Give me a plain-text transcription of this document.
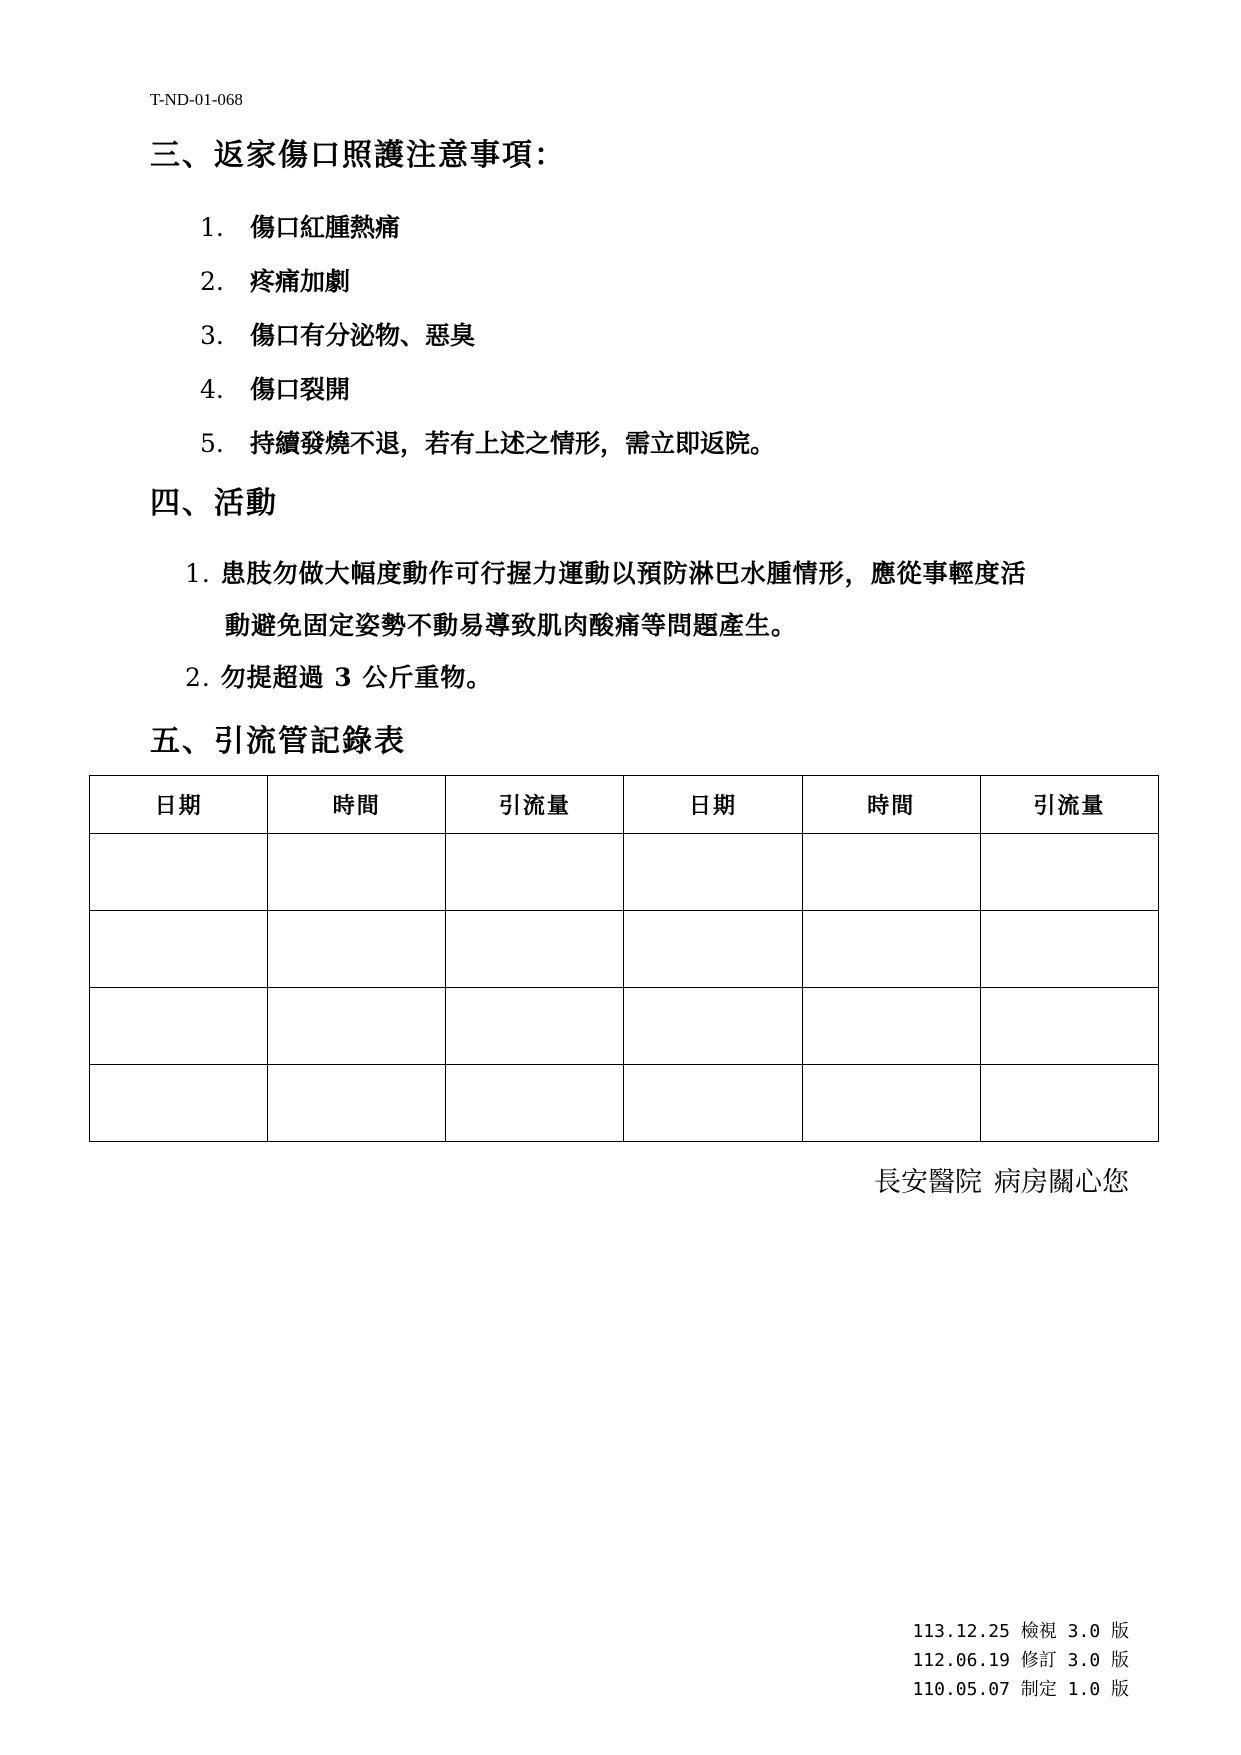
T-ND-01-068
三、返家傷口照護注意事項：
1. 傷口紅腫熱痛
2. 疼痛加劇
3. 傷口有分泌物、惡臭
4. 傷口裂開
5. 持續發燒不退，若有上述之情形，需立即返院。
四、活動
1. 患肢勿做大幅度動作可行握力運動以預防淋巴水腫情形，應從事輕度活
動避免固定姿勢不動易導致肌肉酸痛等問題產生。
2. 勿提超過 3 公斤重物。
五、引流管記錄表
日期	時間	引流量	日期	時間	引流量

長安醫院 病房關心您
113.12.25 檢視 3.0 版
112.06.19 修訂 3.0 版
110.05.07 制定 1.0 版
